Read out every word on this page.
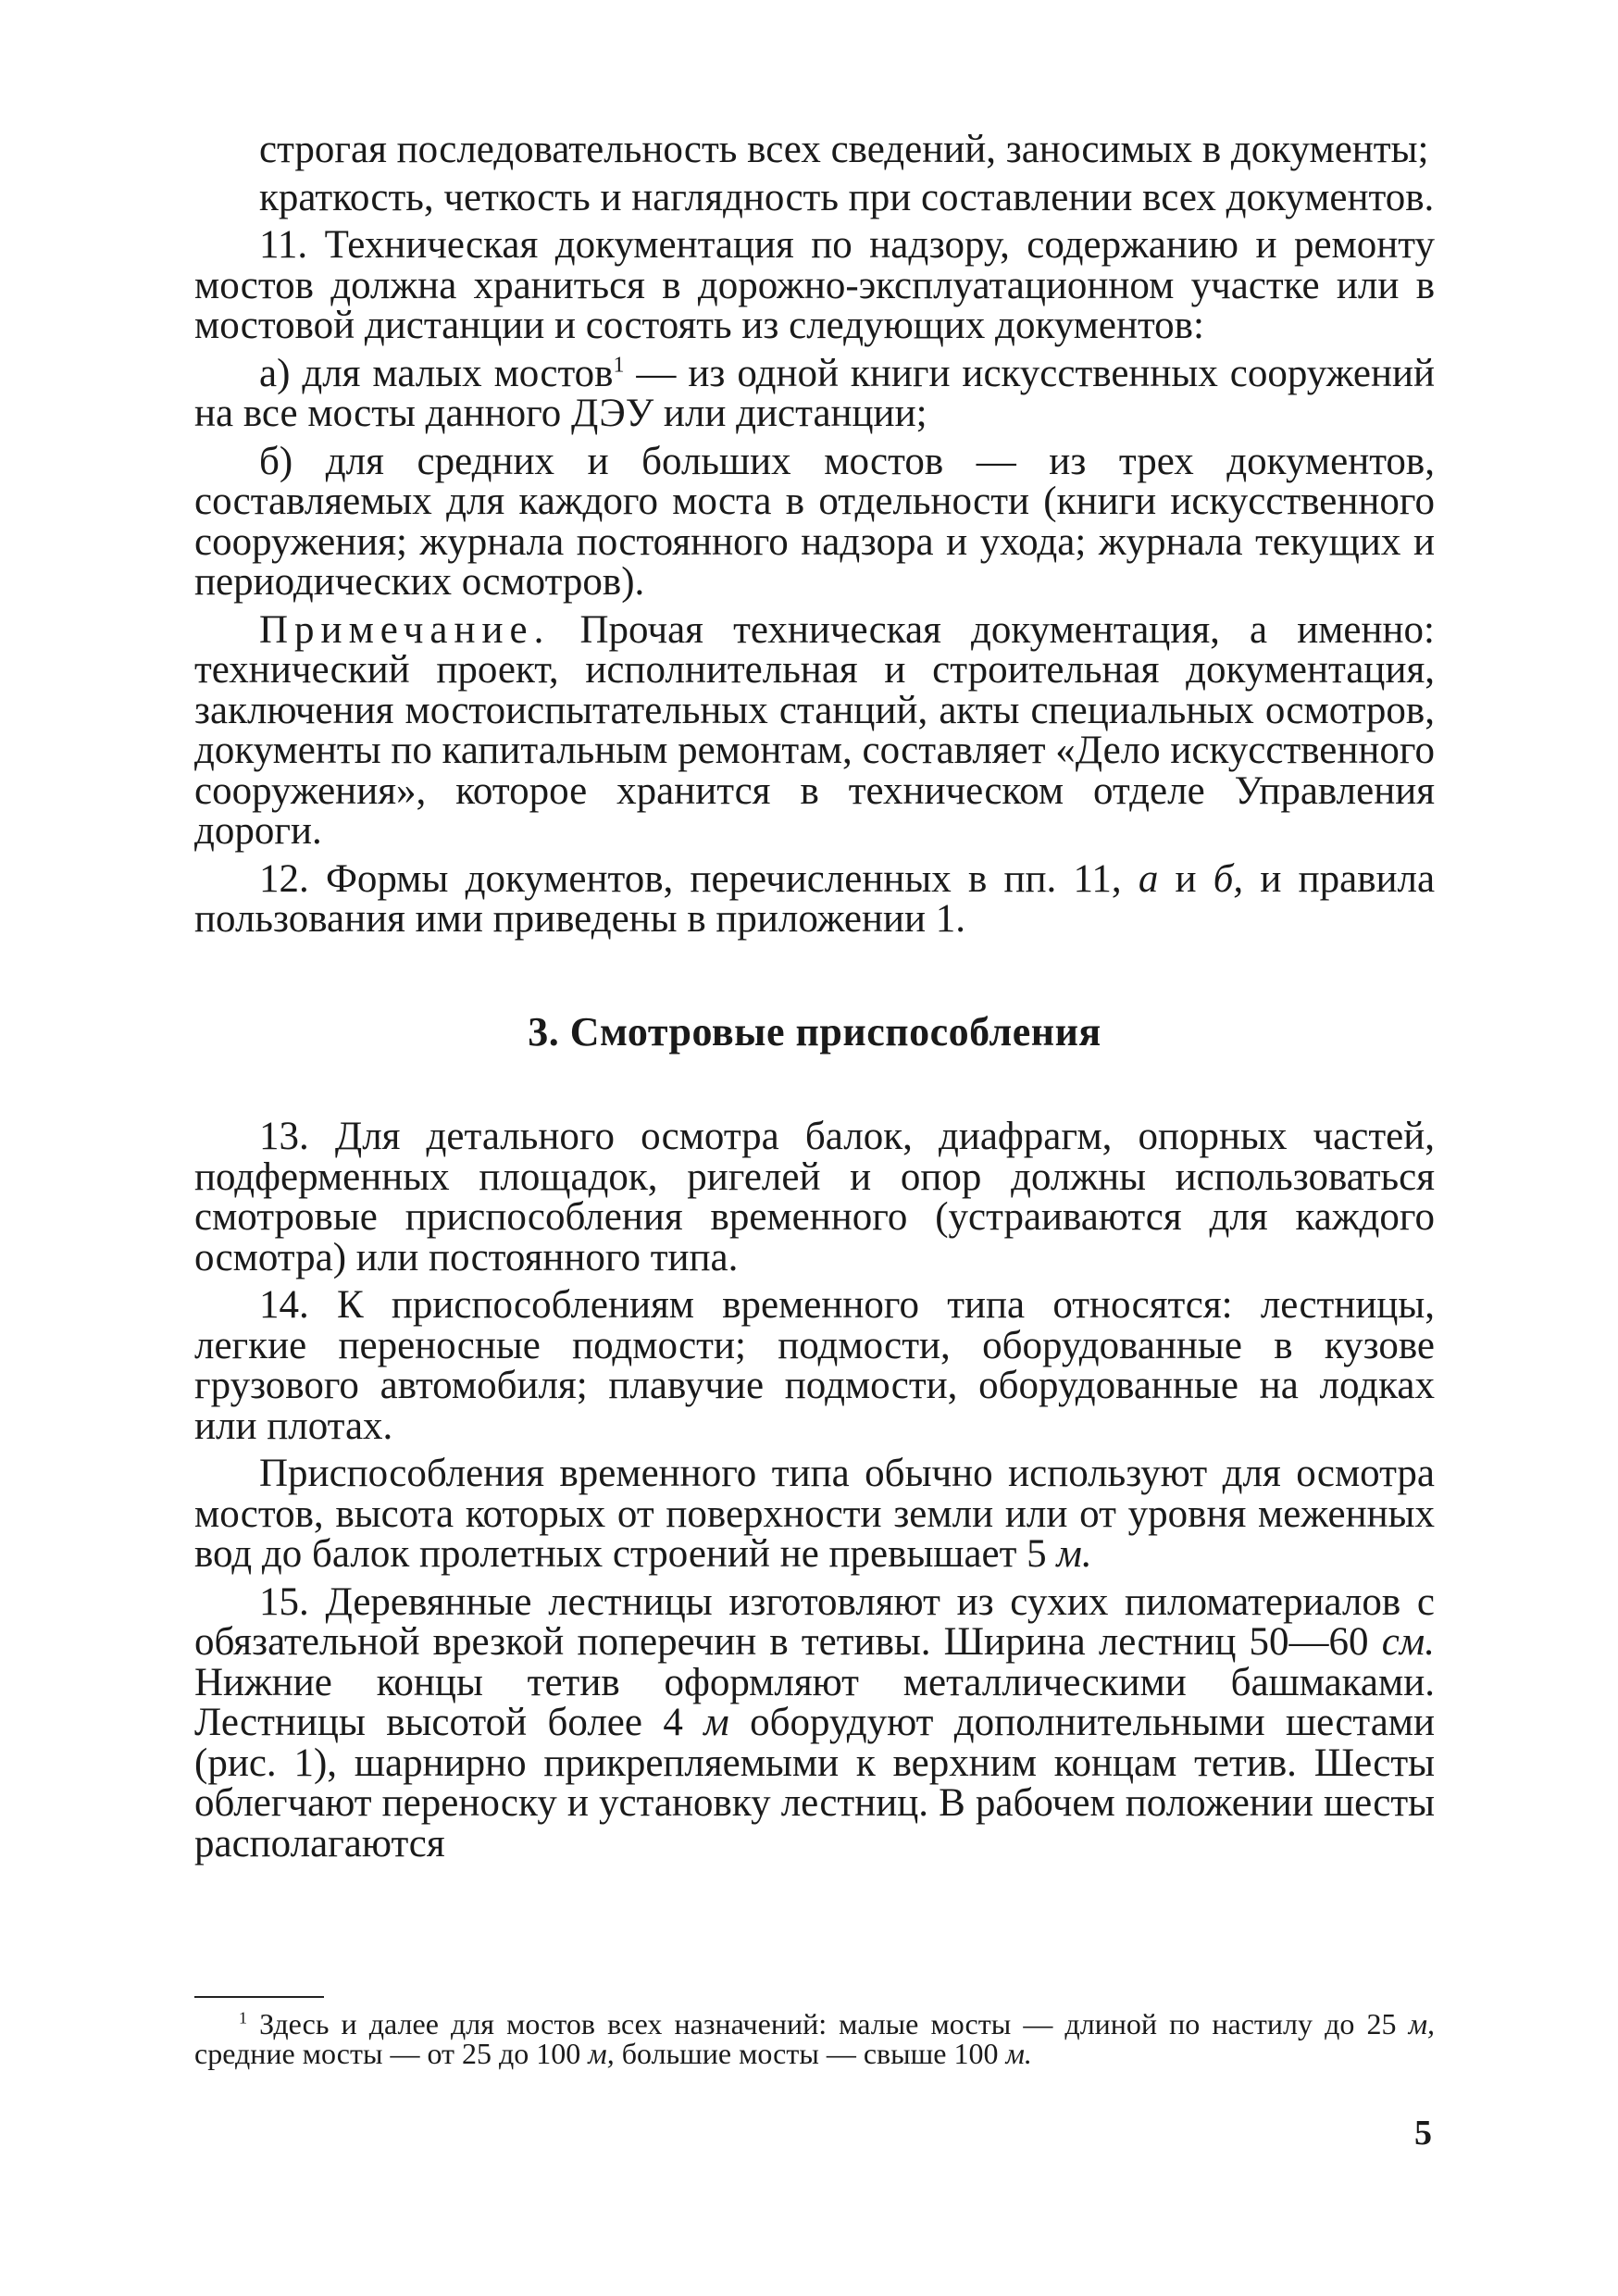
строгая последовательность всех сведений, заносимых в документы;

краткость, четкость и наглядность при составлении всех документов.

11. Техническая документация по надзору, содержанию и ремонту мостов должна храниться в дорожно-эксплуатационном участке или в мостовой дистанции и состоять из следующих документов:

а) для малых мостов$^1$ — из одной книги искусственных сооружений на все мосты данного ДЭУ или дистанции;

б) для средних и больших мостов — из трех документов, составляемых для каждого моста в отдельности (книги искусственного сооружения; журнала постоянного надзора и ухода; журнала текущих и периодических осмотров).

Примечание. Прочая техническая документация, а именно: технический проект, исполнительная и строительная документация, заключения мостоиспытательных станций, акты специальных осмотров, документы по капитальным ремонтам, составляет «Дело искусственного сооружения», которое хранится в техническом отделе Управления дороги.

12. Формы документов, перечисленных в пп. 11, а и б, и правила пользования ими приведены в приложении 1.

3. Смотровые приспособления

13. Для детального осмотра балок, диафрагм, опорных частей, подферменных площадок, ригелей и опор должны использоваться смотровые приспособления временного (устраиваются для каждого осмотра) или постоянного типа.

14. К приспособлениям временного типа относятся: лестницы, легкие переносные подмости; подмости, оборудованные в кузове грузового автомобиля; плавучие подмости, оборудованные на лодках или плотах.

Приспособления временного типа обычно используют для осмотра мостов, высота которых от поверхности земли или от уровня меженных вод до балок пролетных строений не превышает 5 м.

15. Деревянные лестницы изготовляют из сухих пиломатериалов с обязательной врезкой поперечин в тетивы. Ширина лестниц 50—60 см. Нижние концы тетив оформляют металлическими башмаками. Лестницы высотой более 4 м оборудуют дополнительными шестами (рис. 1), шарнирно прикрепляемыми к верхним концам тетив. Шесты облегчают переноску и установку лестниц. В рабочем положении шесты располагаются

$^1$ Здесь и далее для мостов всех назначений: малые мосты — длиной по настилу до 25 м, средние мосты — от 25 до 100 м, большие мосты — свыше 100 м.
5
